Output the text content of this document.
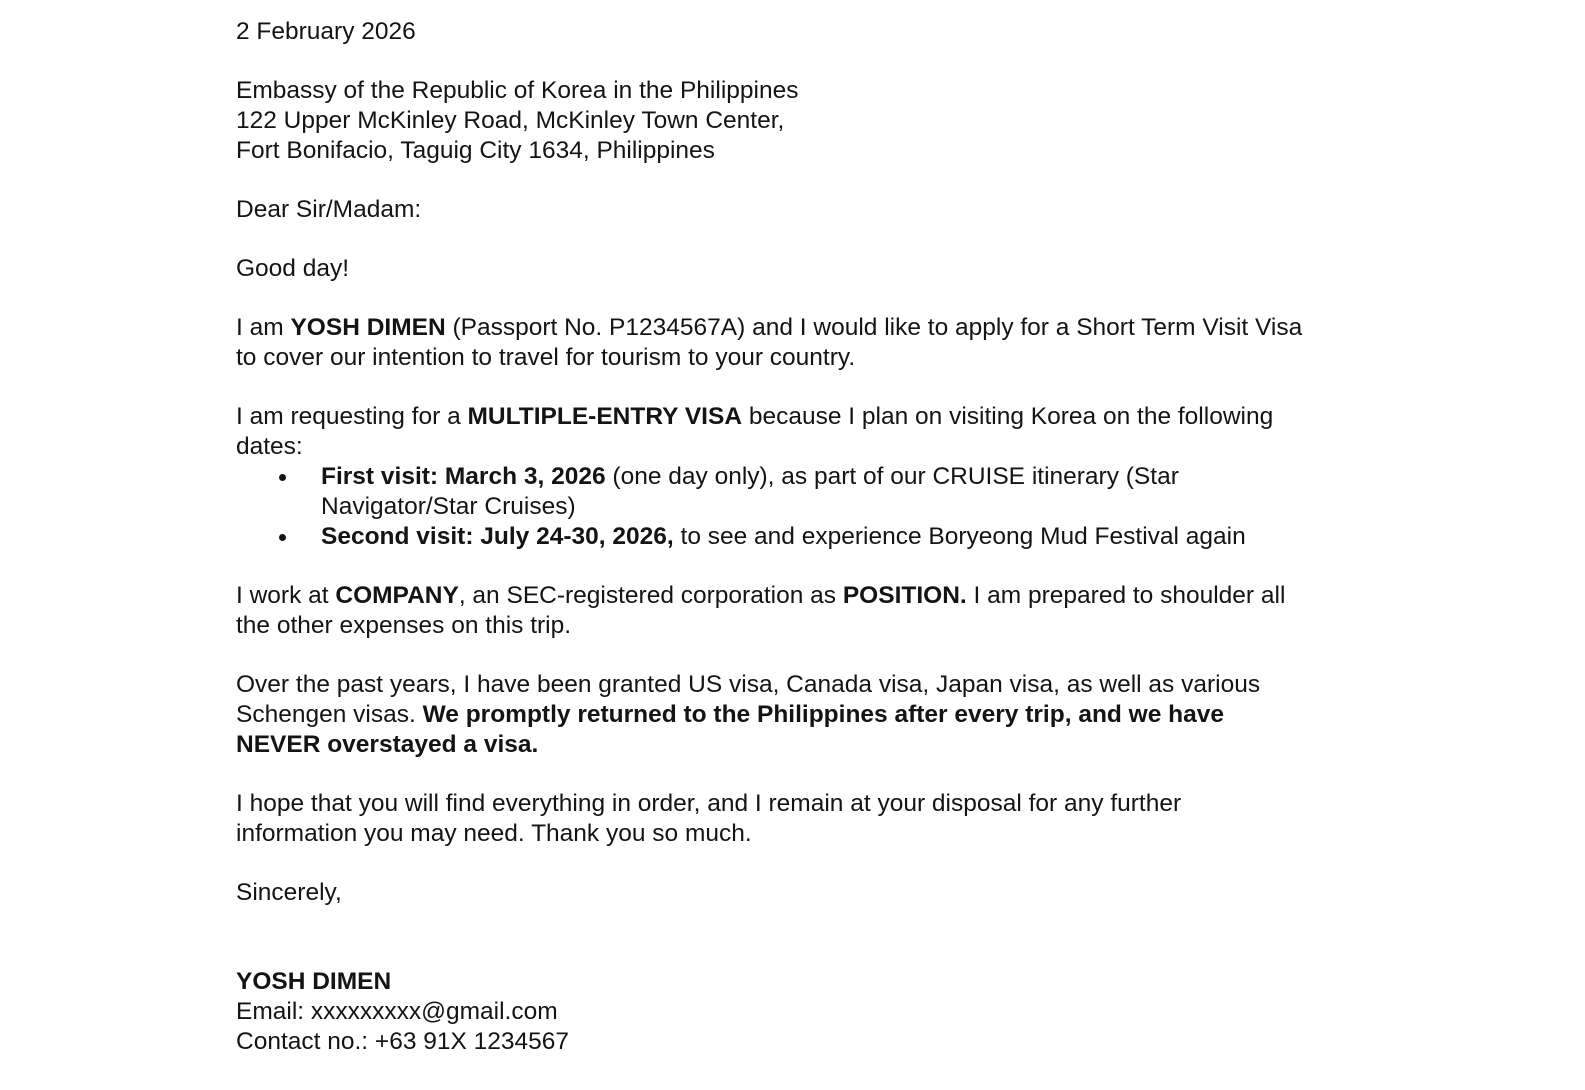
2 February 2026
Embassy of the Republic of Korea in the Philippines
122 Upper McKinley Road, McKinley Town Center,
Fort Bonifacio, Taguig City 1634, Philippines
Dear Sir/Madam:
Good day!
I am YOSH DIMEN (Passport No. P1234567A) and I would like to apply for a Short Term Visit Visa
to cover our intention to travel for tourism to your country.
I am requesting for a MULTIPLE-ENTRY VISA because I plan on visiting Korea on the following
dates:
First visit: March 3, 2026 (one day only), as part of our CRUISE itinerary (Star
Navigator/Star Cruises)
Second visit: July 24-30, 2026, to see and experience Boryeong Mud Festival again
I work at COMPANY, an SEC-registered corporation as POSITION. I am prepared to shoulder all
the other expenses on this trip.
Over the past years, I have been granted US visa, Canada visa, Japan visa, as well as various
Schengen visas. We promptly returned to the Philippines after every trip, and we have
NEVER overstayed a visa.
I hope that you will find everything in order, and I remain at your disposal for any further
information you may need. Thank you so much.
Sincerely,
YOSH DIMEN
Email: xxxxxxxxx@gmail.com
Contact no.: +63 91X 1234567
